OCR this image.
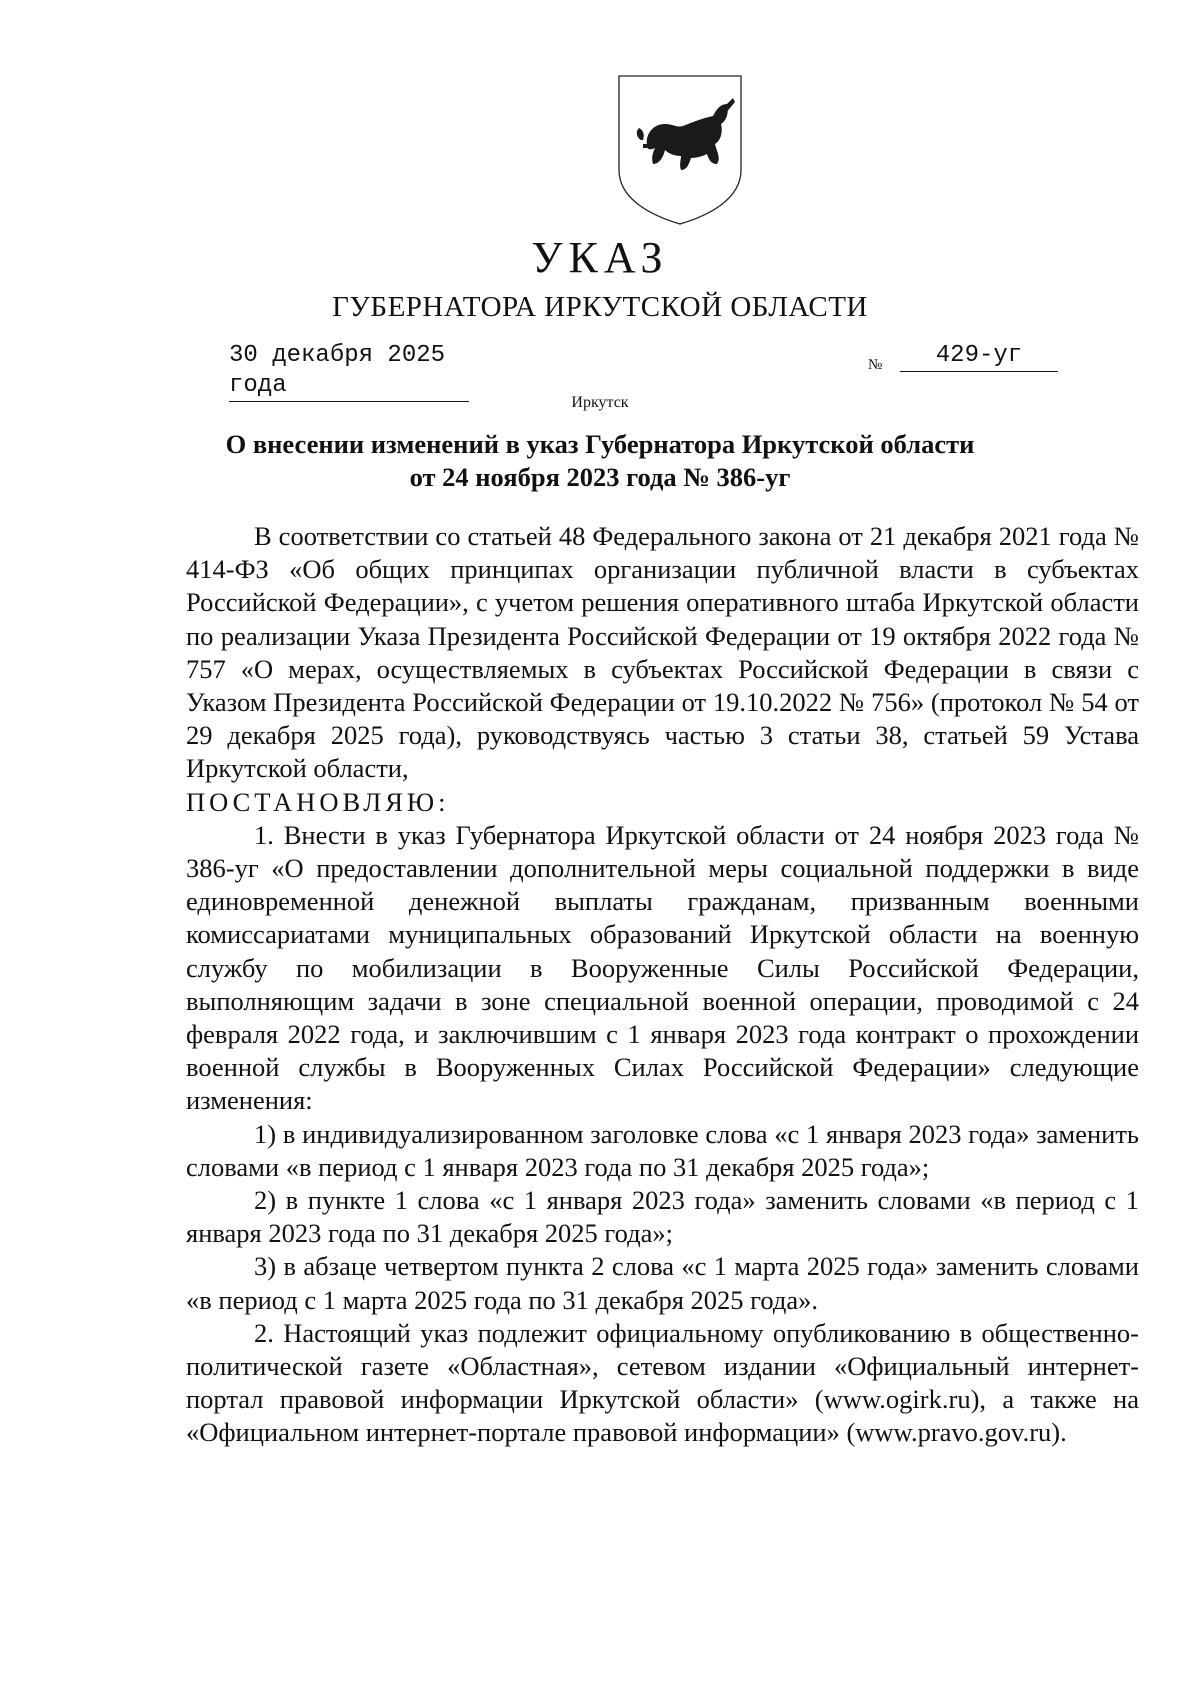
УКАЗ
ГУБЕРНАТОРА ИРКУТСКОЙ ОБЛАСТИ
30 декабря 2025 года
№	429-уг
Иркутск
О внесении изменений в указ Губернатора Иркутской области
от 24 ноября 2023 года № 386-уг

В соответствии со статьей 48 Федерального закона от 21 декабря 2021 года № 414-ФЗ «Об общих принципах организации публичной власти в субъектах Российской Федерации», с учетом решения оперативного штаба Иркутской области по реализации Указа Президента Российской Федерации от 19 октября 2022 года № 757 «О мерах, осуществляемых в субъектах Российской Федерации в связи с Указом Президента Российской Федерации от 19.10.2022 № 756» (протокол № 54 от 29 декабря 2025 года), руководствуясь частью 3 статьи 38, статьей 59 Устава Иркутской области,

ПОСТАНОВЛЯЮ:

1. Внести в указ Губернатора Иркутской области от 24 ноября 2023 года № 386-уг «О предоставлении дополнительной меры социальной поддержки в виде единовременной денежной выплаты гражданам, призванным военными комиссариатами муниципальных образований Иркутской области на военную службу по мобилизации в Вооруженные Силы Российской Федерации, выполняющим задачи в зоне специальной военной операции, проводимой с 24 февраля 2022 года, и заключившим с 1 января 2023 года контракт о прохождении военной службы в Вооруженных Силах Российской Федерации» следующие изменения:

1) в индивидуализированном заголовке слова «с 1 января 2023 года» заменить словами «в период с 1 января 2023 года по 31 декабря 2025 года»;

2) в пункте 1 слова «с 1 января 2023 года» заменить словами «в период с 1 января 2023 года по 31 декабря 2025 года»;

3) в абзаце четвертом пункта 2 слова «с 1 марта 2025 года» заменить словами «в период с 1 марта 2025 года по 31 декабря 2025 года».

2. Настоящий указ подлежит официальному опубликованию в общественно-политической газете «Областная», сетевом издании «Официальный интернет-портал правовой информации Иркутской области» (www.ogirk.ru), а также на «Официальном интернет-портале правовой информации» (www.pravo.gov.ru).
